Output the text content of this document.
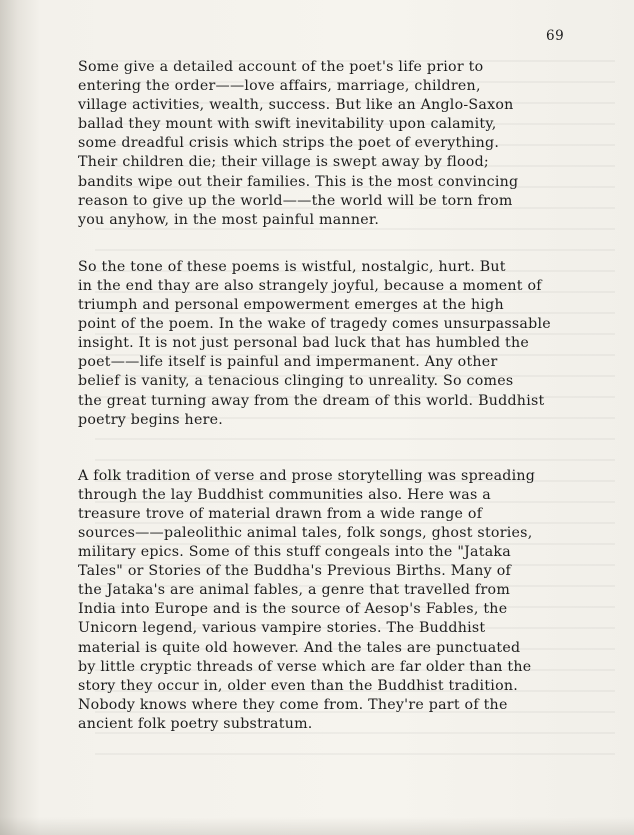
69

Some give a detailed account of the poet's life prior to
entering the order——love affairs, marriage, children,
village activities, wealth, success. But like an Anglo-Saxon
ballad they mount with swift inevitability upon calamity,
some dreadful crisis which strips the poet of everything.
Their children die; their village is swept away by flood;
bandits wipe out their families. This is the most convincing
reason to give up the world——the world will be torn from
you anyhow, in the most painful manner.

So the tone of these poems is wistful, nostalgic, hurt. But
in the end thay are also strangely joyful, because a moment of
triumph and personal empowerment emerges at the high
point of the poem. In the wake of tragedy comes unsurpassable
insight. It is not just personal bad luck that has humbled the
poet——life itself is painful and impermanent. Any other
belief is vanity, a tenacious clinging to unreality. So comes
the great turning away from the dream of this world. Buddhist
poetry begins here.

A folk tradition of verse and prose storytelling was spreading
through the lay Buddhist communities also. Here was a
treasure trove of material drawn from a wide range of
sources——paleolithic animal tales, folk songs, ghost stories,
military epics. Some of this stuff congeals into the "Jataka
Tales" or Stories of the Buddha's Previous Births. Many of
the Jataka's are animal fables, a genre that travelled from
India into Europe and is the source of Aesop's Fables, the
Unicorn legend, various vampire stories. The Buddhist
material is quite old however. And the tales are punctuated
by little cryptic threads of verse which are far older than the
story they occur in, older even than the Buddhist tradition.
Nobody knows where they come from. They're part of the
ancient folk poetry substratum.
